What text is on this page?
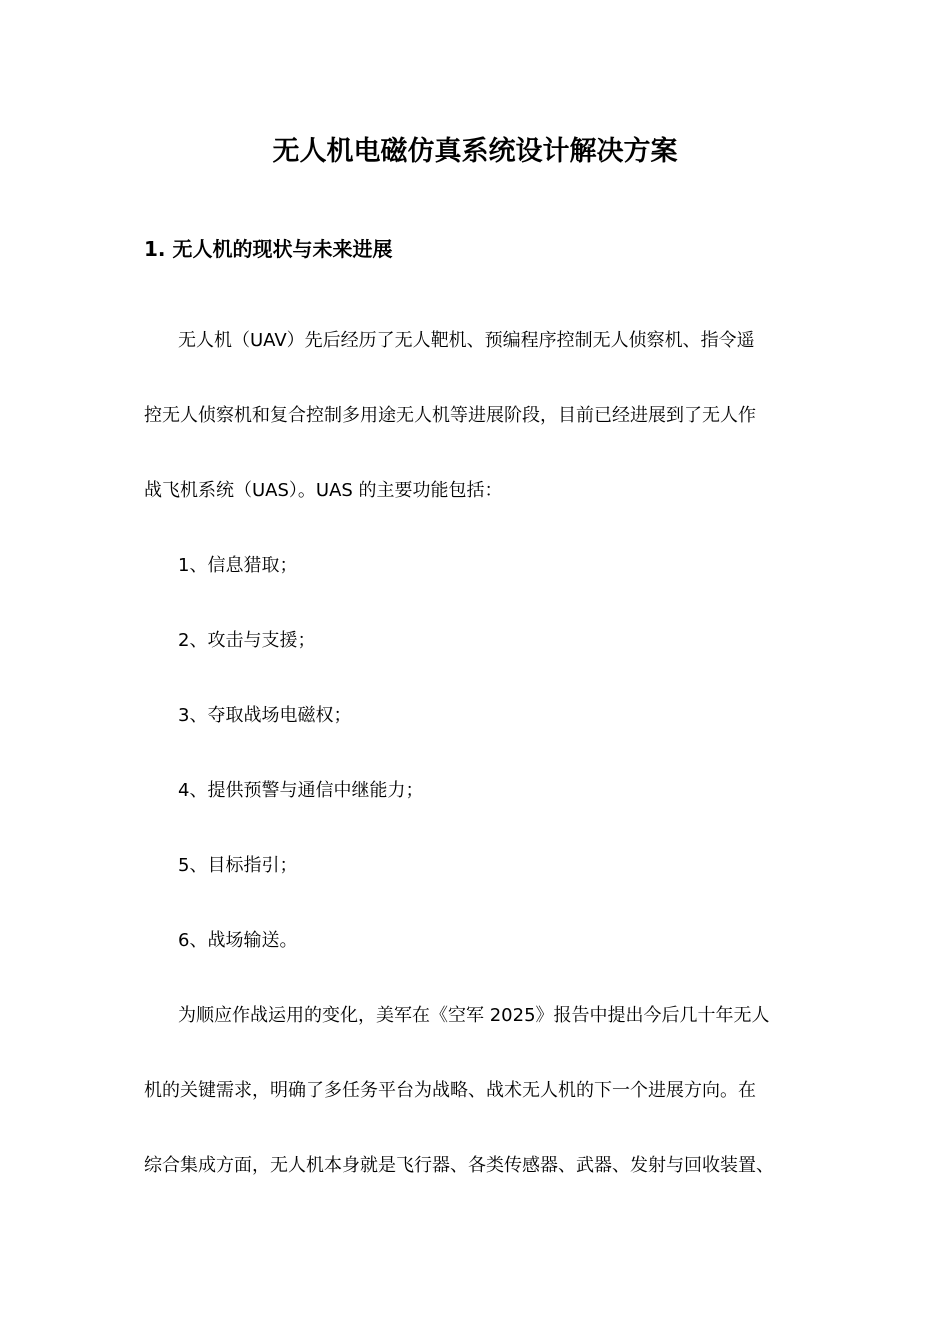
无人机电磁仿真系统设计解决方案
1. 无人机的现状与未来进展
无人机（UAV）先后经历了无人靶机、预编程序控制无人侦察机、指令遥
控无人侦察机和复合控制多用途无人机等进展阶段，目前已经进展到了无人作
战飞机系统（UAS）。UAS 的主要功能包括：
1、信息猎取；
2、攻击与支援；
3、夺取战场电磁权；
4、提供预警与通信中继能力；
5、目标指引；
6、战场输送。
为顺应作战运用的变化，美军在《空军 2025》报告中提出今后几十年无人
机的关键需求，明确了多任务平台为战略、战术无人机的下一个进展方向。在
综合集成方面，无人机本身就是飞行器、各类传感器、武器、发射与回收装置、
